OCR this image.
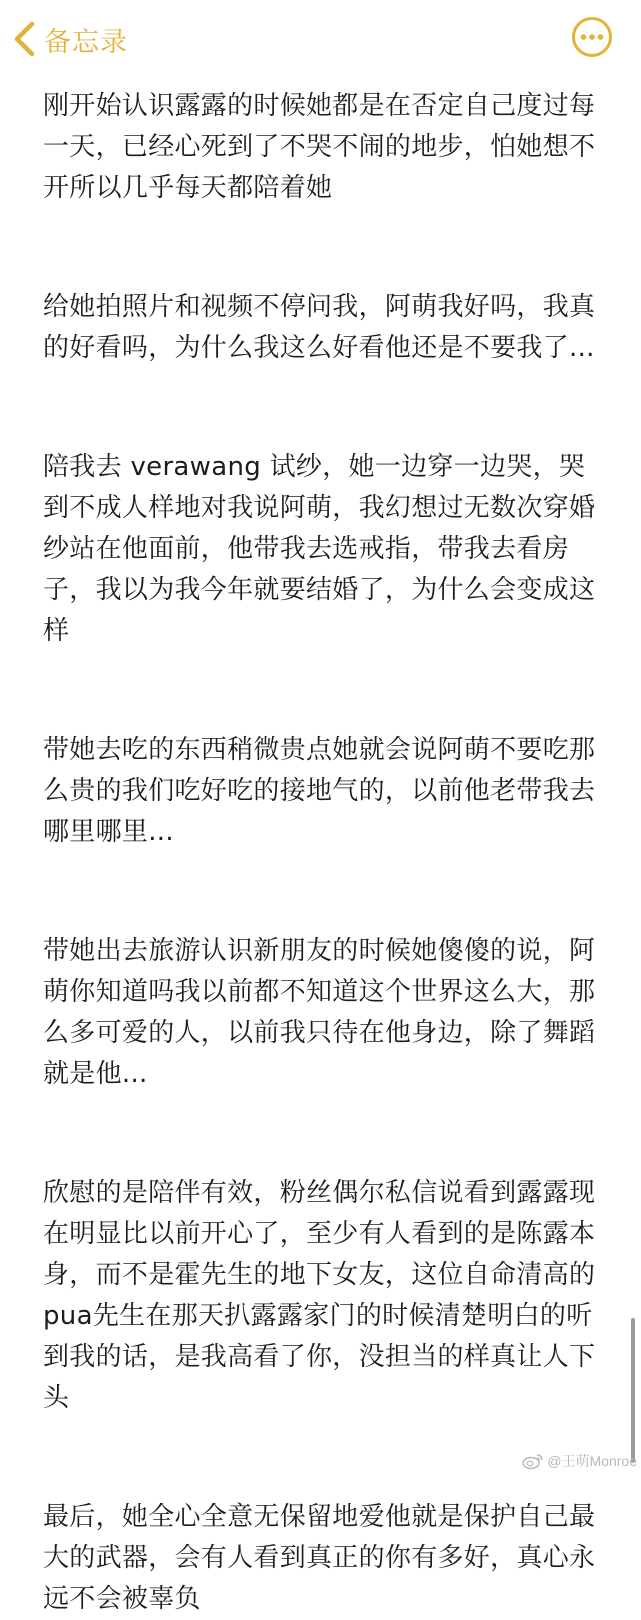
备忘录

刚开始认识露露的时候她都是在否定自己度过每一天，已经心死到了不哭不闹的地步，怕她想不开所以几乎每天都陪着她

给她拍照片和视频不停问我，阿萌我好吗，我真的好看吗，为什么我这么好看他还是不要我了...

陪我去 verawang 试纱，她一边穿一边哭，哭到不成人样地对我说阿萌，我幻想过无数次穿婚纱站在他面前，他带我去选戒指，带我去看房子，我以为我今年就要结婚了，为什么会变成这样

带她去吃的东西稍微贵点她就会说阿萌不要吃那么贵的我们吃好吃的接地气的，以前他老带我去哪里哪里...

带她出去旅游认识新朋友的时候她傻傻的说，阿萌你知道吗我以前都不知道这个世界这么大，那么多可爱的人，以前我只待在他身边，除了舞蹈就是他...

欣慰的是陪伴有效，粉丝偶尔私信说看到露露现在明显比以前开心了，至少有人看到的是陈露本身，而不是霍先生的地下女友，这位自命清高的pua先生在那天扒露露家门的时候清楚明白的听到我的话，是我高看了你，没担当的样真让人下头

最后，她全心全意无保留地爱他就是保护自己最大的武器，会有人看到真正的你有多好，真心永远不会被辜负

@王萌Monroe
